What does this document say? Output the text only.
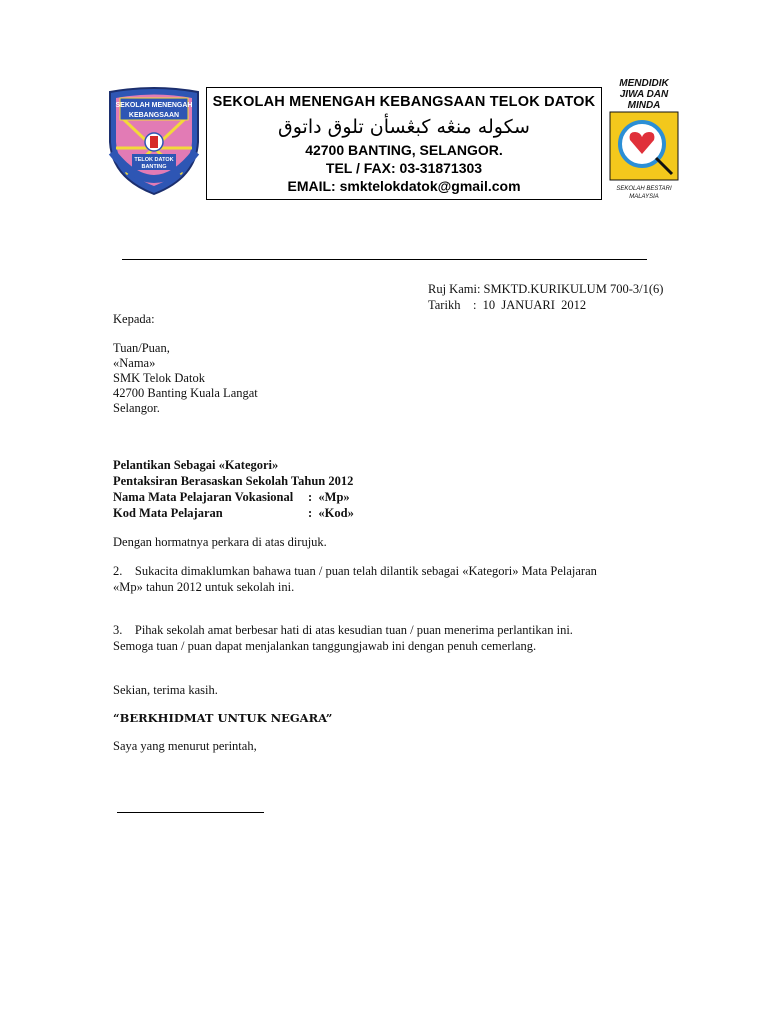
SEKOLAH MENENGAH
KEBANGSAAN
TELOK DATOK
BANTING
SEKOLAH MENENGAH KEBANGSAAN TELOK DATOK
سكوله منڠه كبڠسأن تلوق داتوق
42700 BANTING, SELANGOR.
TEL / FAX: 03-31871303
EMAIL: smktelokdatok@gmail.com
MENDIDIK
JIWA DAN
MINDA
SEKOLAH BESTARI
MALAYSIA
Ruj Kami: SMKTD.KURIKULUM 700-3/1(6)
Tarikh    :  10  JANUARI  2012
Kepada:
Tuan/Puan,
«Nama»
SMK Telok Datok
42700 Banting Kuala Langat
Selangor.
Pelantikan Sebagai «Kategori»
Pentaksiran Berasaskan Sekolah Tahun 2012
Nama Mata Pelajaran Vokasional :  «Mp»
Kod Mata Pelajaran	:  «Kod»
Dengan hormatnya perkara di atas dirujuk.
2.    Sukacita dimaklumkan bahawa tuan / puan telah dilantik sebagai «Kategori» Mata Pelajaran
«Mp» tahun 2012 untuk sekolah ini.
3.    Pihak sekolah amat berbesar hati di atas kesudian tuan / puan menerima perlantikan ini.
Semoga tuan / puan dapat menjalankan tanggungjawab ini dengan penuh cemerlang.
Sekian, terima kasih.
“BERKHIDMAT UNTUK NEGARA”
Saya yang menurut perintah,
